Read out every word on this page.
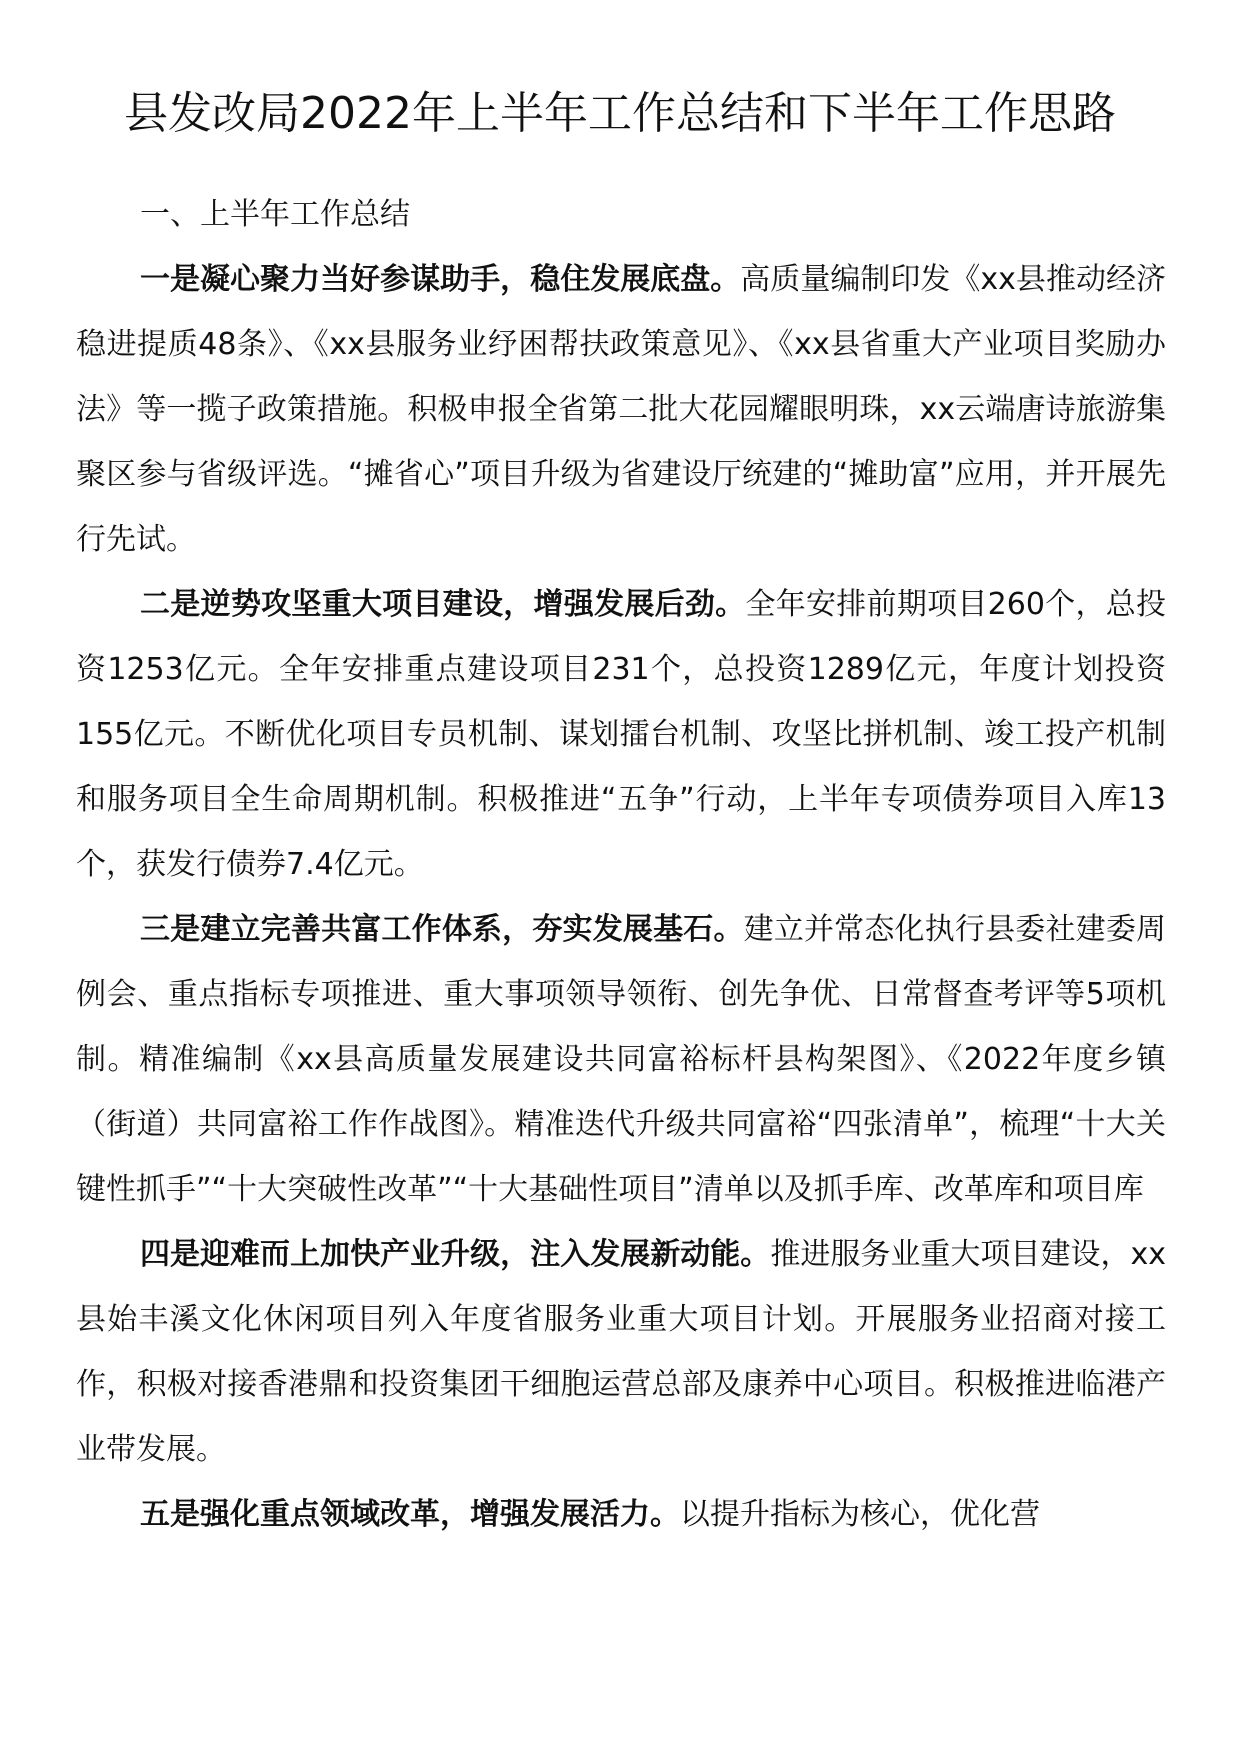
县发改局2022年上半年工作总结和下半年工作思路

一、上半年工作总结

一是凝心聚力当好参谋助手，稳住发展底盘。高质量编制印发《xx县推动经济稳进提质48条》、《xx县服务业纾困帮扶政策意见》、《xx县省重大产业项目奖励办法》等一揽子政策措施。积极申报全省第二批大花园耀眼明珠，xx云端唐诗旅游集聚区参与省级评选。“摊省心”项目升级为省建设厅统建的“摊助富”应用，并开展先行先试。

二是逆势攻坚重大项目建设，增强发展后劲。全年安排前期项目260个，总投资1253亿元。全年安排重点建设项目231个，总投资1289亿元，年度计划投资155亿元。不断优化项目专员机制、谋划擂台机制、攻坚比拼机制、竣工投产机制和服务项目全生命周期机制。积极推进“五争”行动，上半年专项债券项目入库13个，获发行债券7.4亿元。

三是建立完善共富工作体系，夯实发展基石。建立并常态化执行县委社建委周例会、重点指标专项推进、重大事项领导领衔、创先争优、日常督查考评等5项机制。精准编制《xx县高质量发展建设共同富裕标杆县构架图》、《2022年度乡镇（街道）共同富裕工作作战图》。精准迭代升级共同富裕“四张清单”，梳理“十大关键性抓手”“十大突破性改革”“十大基础性项目”清单以及抓手库、改革库和项目库

四是迎难而上加快产业升级，注入发展新动能。推进服务业重大项目建设，xx县始丰溪文化休闲项目列入年度省服务业重大项目计划。开展服务业招商对接工作，积极对接香港鼎和投资集团干细胞运营总部及康养中心项目。积极推进临港产业带发展。

五是强化重点领域改革，增强发展活力。以提升指标为核心，优化营
